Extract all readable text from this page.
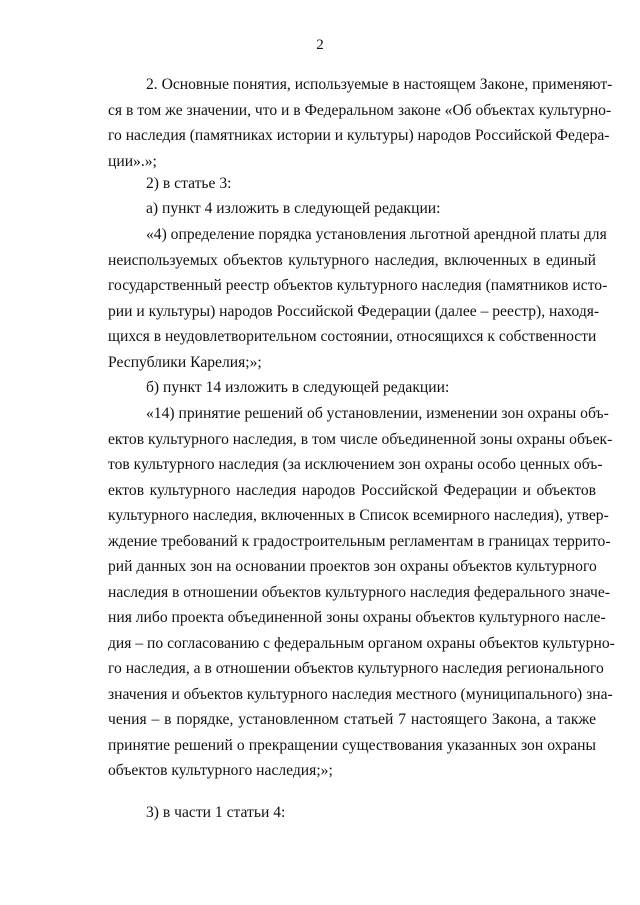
2
2. Основные понятия, используемые в настоящем Законе, применяют-
ся в том же значении, что и в Федеральном законе «Об объектах культурно-
го наследия (памятниках истории и культуры) народов Российской Федера-
ции».»;
2) в статье 3:
а) пункт 4 изложить в следующей редакции:
«4) определение порядка установления льготной арендной платы для
неиспользуемых объектов культурного наследия, включенных в единый
государственный реестр объектов культурного наследия (памятников исто-
рии и культуры) народов Российской Федерации (далее – реестр), находя-
щихся в неудовлетворительном состоянии, относящихся к собственности
Республики Карелия;»;
б) пункт 14 изложить в следующей редакции:
«14) принятие решений об установлении, изменении зон охраны объ-
ектов культурного наследия, в том числе объединенной зоны охраны объек-
тов культурного наследия (за исключением зон охраны особо ценных объ-
ектов культурного наследия народов Российской Федерации и объектов
культурного наследия, включенных в Список всемирного наследия), утвер-
ждение требований к градостроительным регламентам в границах террито-
рий данных зон на основании проектов зон охраны объектов культурного
наследия в отношении объектов культурного наследия федерального значе-
ния либо проекта объединенной зоны охраны объектов культурного насле-
дия – по согласованию с федеральным органом охраны объектов культурно-
го наследия, а в отношении объектов культурного наследия регионального
значения и объектов культурного наследия местного (муниципального) зна-
чения – в порядке, установленном статьей 7 настоящего Закона, а также
принятие решений о прекращении существования указанных зон охраны
объектов культурного наследия;»;
3) в части 1 статьи 4:
